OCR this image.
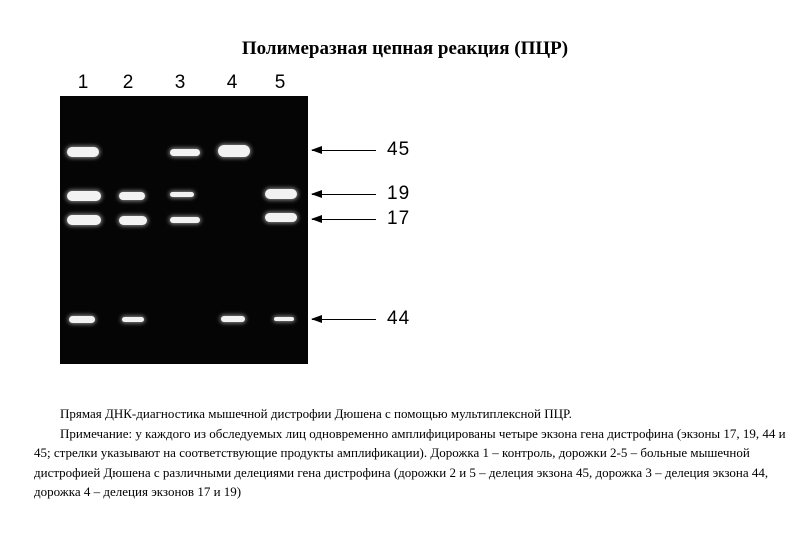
Полимеразная цепная реакция (ПЦР)
1	2	3	4	5
45
19
17
44

Прямая ДНК-диагностика мышечной дистрофии Дюшена с помощью мультиплексной ПЦР.

Примечание: у каждого из обследуемых лиц одновременно амплифицированы четыре экзона гена дистрофина (экзоны 17, 19, 44 и 45; стрелки указывают на соответствующие продукты амплификации). Дорожка 1 – контроль, дорожки 2-5 – больные мышечной дистрофией Дюшена с различными делециями гена дистрофина (дорожки 2 и 5 – делеция экзона 45, дорожка 3 – делеция экзона 44, дорожка 4 – делеция экзонов 17 и 19)
